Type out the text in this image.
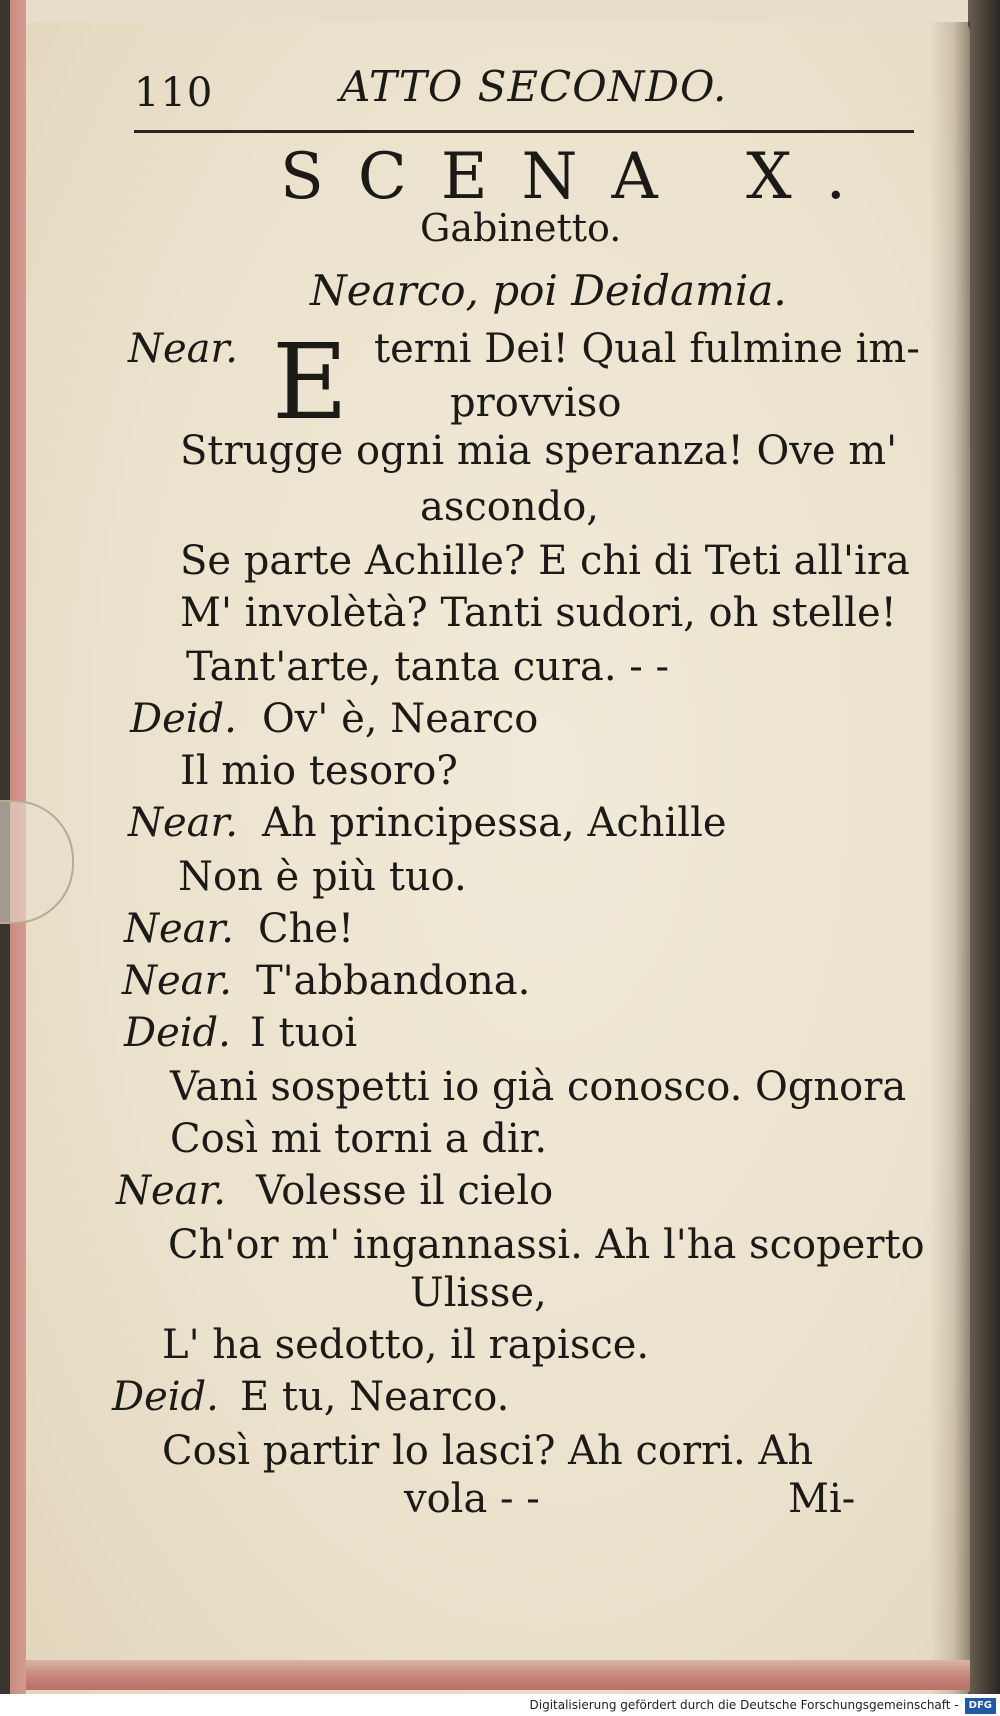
110	ATTO SECONDO.
SCENA X.
Gabinetto.
Nearco, poi Deidamia.
Near. E terni Dei! Qual fulmine im-
provviso
Strugge ogni mia speranza! Ove m'
ascondo,
Se parte Achille? E chi di Teti all'ira
M' involètà? Tanti sudori, oh stelle!
Tant'arte, tanta cura. - -
Deid. Ov' è, Nearco
Il mio tesoro?
Near. Ah principessa, Achille
Non è più tuo.
Near. Che!
Near. T'abbandona.
Deid. I tuoi
Vani sospetti io già conosco. Ognora
Così mi torni a dir.
Near. Volesse il cielo
Ch'or m' ingannassi. Ah l'ha scoperto
Ulisse,
L' ha sedotto, il rapisce.
Deid. E tu, Nearco.
Così partir lo lasci? Ah corri. Ah
vola - -	Mi-
Digitalisierung gefördert durch die Deutsche Forschungsgemeinschaft - DFG
